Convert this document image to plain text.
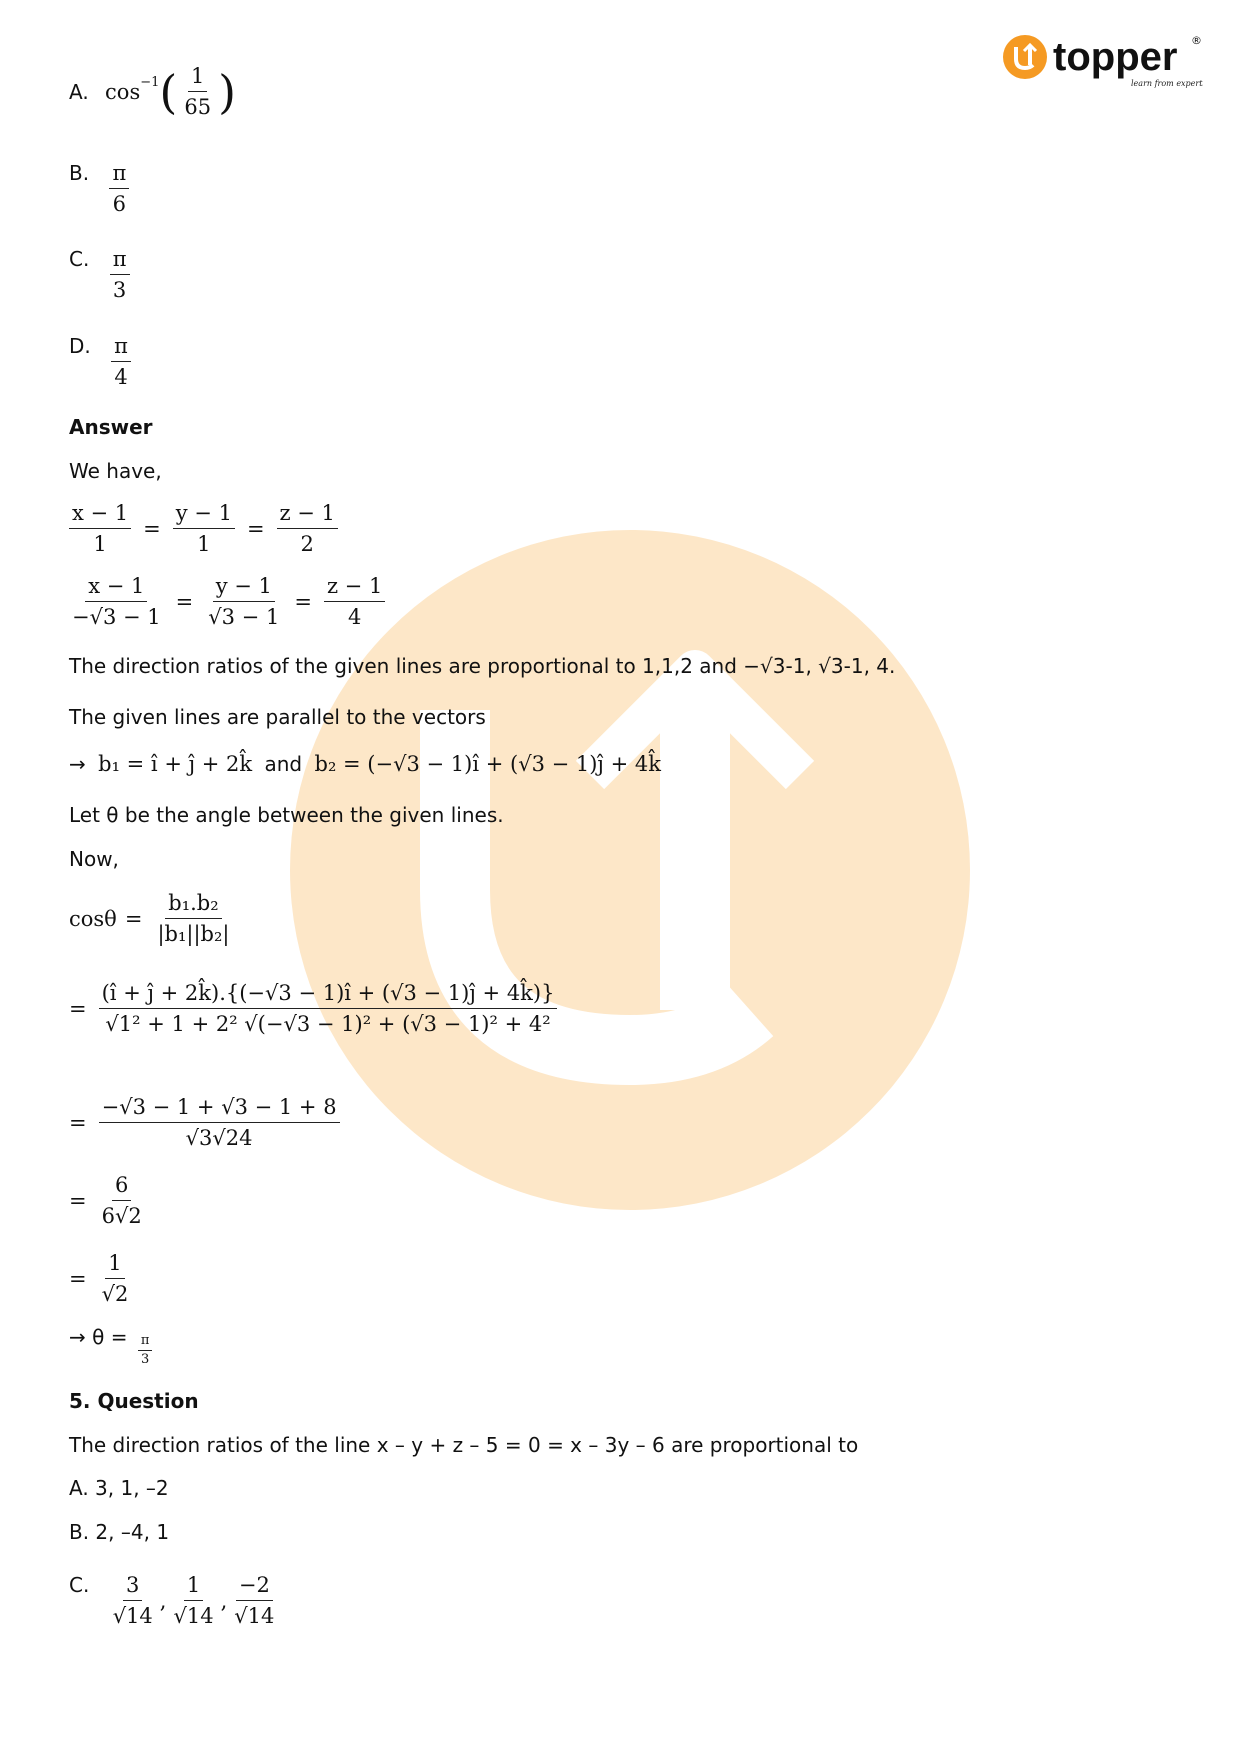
topper ®
learn from experts
A. $\cos^{-1}$ ( $\frac{1}{65}$ )
B. $\frac{\pi}{6}$
C. $\frac{\pi}{3}$
D. $\frac{\pi}{4}$
Answer
We have,
$\frac{x - 1}{1} = \frac{y - 1}{1} = \frac{z - 1}{2}$
$\frac{x - 1}{-√3 - 1} = \frac{y - 1}{√3 - 1} = \frac{z - 1}{4}$
The direction ratios of the given lines are proportional to 1,1,2 and −√3-1, √3-1, 4.
The given lines are parallel to the vectors
→ b₁ = î + ĵ + 2k̂ and b₂ = (−√3 − 1)î + (√3 − 1)ĵ + 4k̂
Let θ be the angle between the given lines.
Now,
$\cos\theta = \frac{\text{b₁.b₂}}{\text{|b₁||b₂|}}$
= $\frac{(î + ĵ + 2k̂).\{(-√3 - 1)î + (√3 - 1)ĵ + 4k̂)\}}{\text{√1² + 1 + 2² √(−√3 − 1)² + (√3 − 1)² + 4²}}$
= $\frac{-√3 - 1 + √3 - 1 + 8}{√3√24}$
= $\frac{6}{6√2}$
= $\frac{1}{√2}$
→ $\theta = \frac{\pi}{3}$
5. Question
The direction ratios of the line x – y + z – 5 = 0 = x – 3y – 6 are proportional to
A. 3, 1, –2
B. 2, –4, 1
C. $\frac{3}{√14}$ , $\frac{1}{√14}$ , $\frac{-2}{√14}$
